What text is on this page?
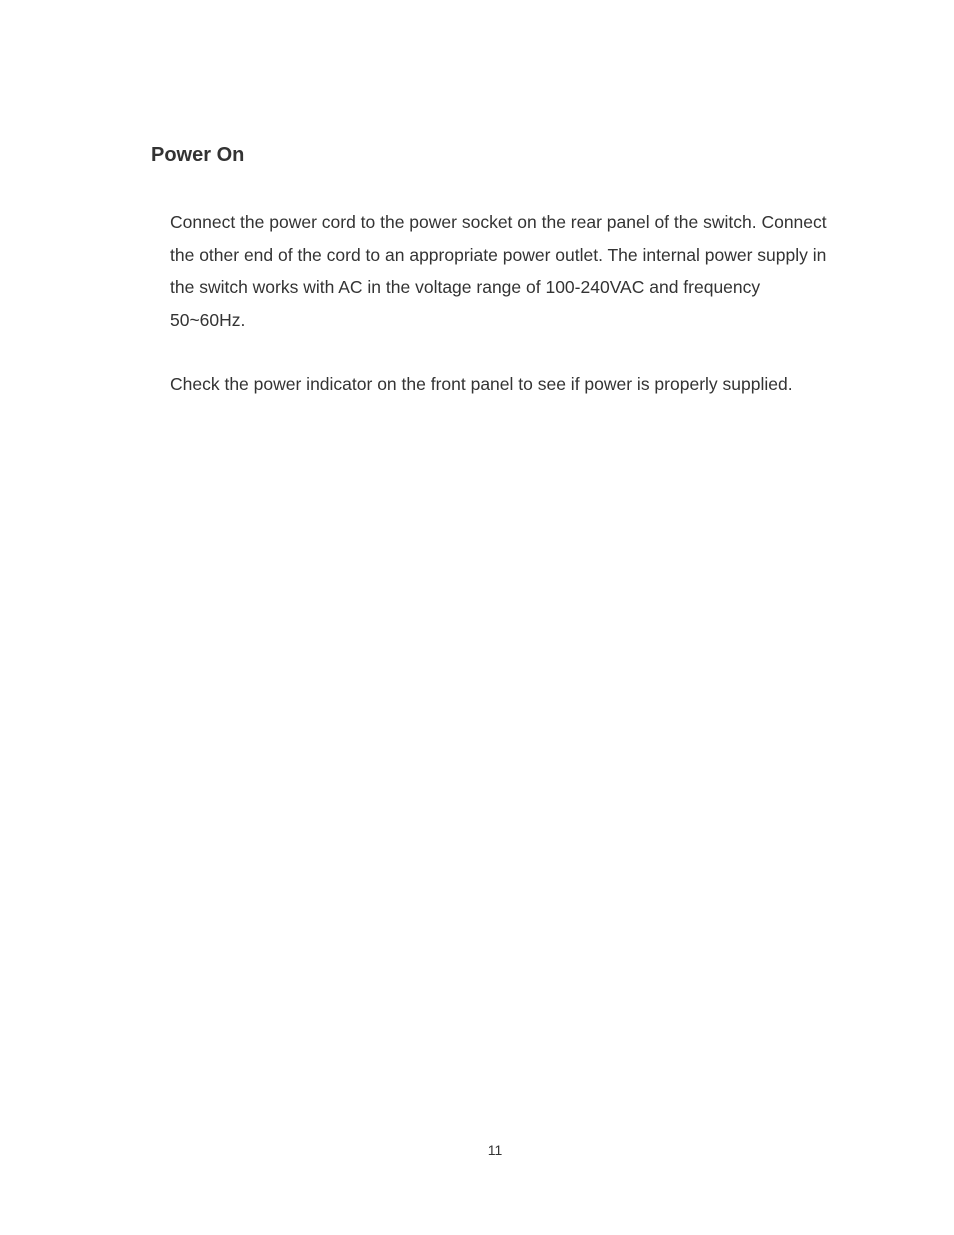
Power On

Connect the power cord to the power socket on the rear panel of the switch. Connect the other end of the cord to an appropriate power outlet. The internal power supply in the switch works with AC in the voltage range of 100-240VAC and frequency 50~60Hz.

Check the power indicator on the front panel to see if power is properly supplied.

11
